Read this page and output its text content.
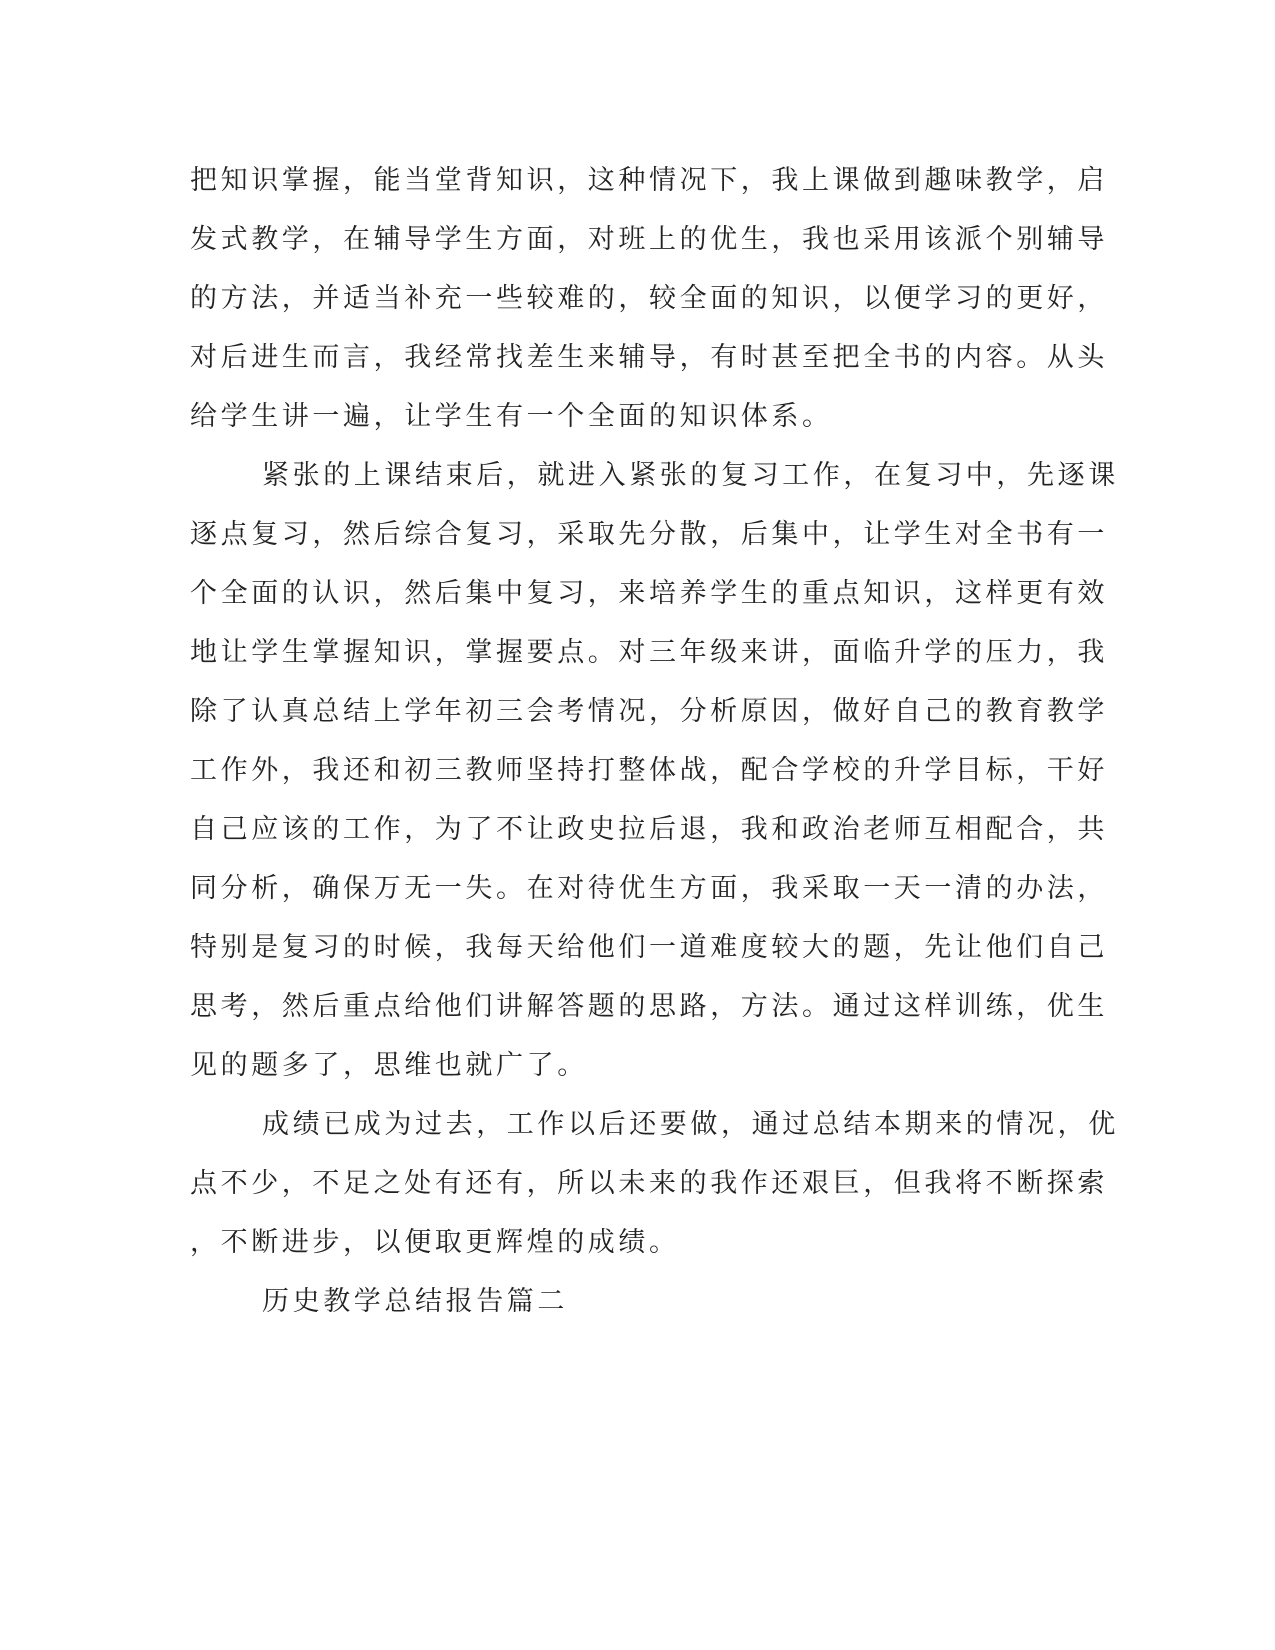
把知识掌握，能当堂背知识，这种情况下，我上课做到趣味教学，启
发式教学，在辅导学生方面，对班上的优生，我也采用该派个别辅导
的方法，并适当补充一些较难的，较全面的知识，以便学习的更好，
对后进生而言，我经常找差生来辅导，有时甚至把全书的内容。从头
给学生讲一遍，让学生有一个全面的知识体系。
紧张的上课结束后，就进入紧张的复习工作，在复习中，先逐课
逐点复习，然后综合复习，采取先分散，后集中，让学生对全书有一
个全面的认识，然后集中复习，来培养学生的重点知识，这样更有效
地让学生掌握知识，掌握要点。对三年级来讲，面临升学的压力，我
除了认真总结上学年初三会考情况，分析原因，做好自己的教育教学
工作外，我还和初三教师坚持打整体战，配合学校的升学目标，干好
自己应该的工作，为了不让政史拉后退，我和政治老师互相配合，共
同分析，确保万无一失。在对待优生方面，我采取一天一清的办法，
特别是复习的时候，我每天给他们一道难度较大的题，先让他们自己
思考，然后重点给他们讲解答题的思路，方法。通过这样训练，优生
见的题多了，思维也就广了。
成绩已成为过去，工作以后还要做，通过总结本期来的情况，优
点不少，不足之处有还有，所以未来的我作还艰巨，但我将不断探索
，不断进步，以便取更辉煌的成绩。
历史教学总结报告篇二
